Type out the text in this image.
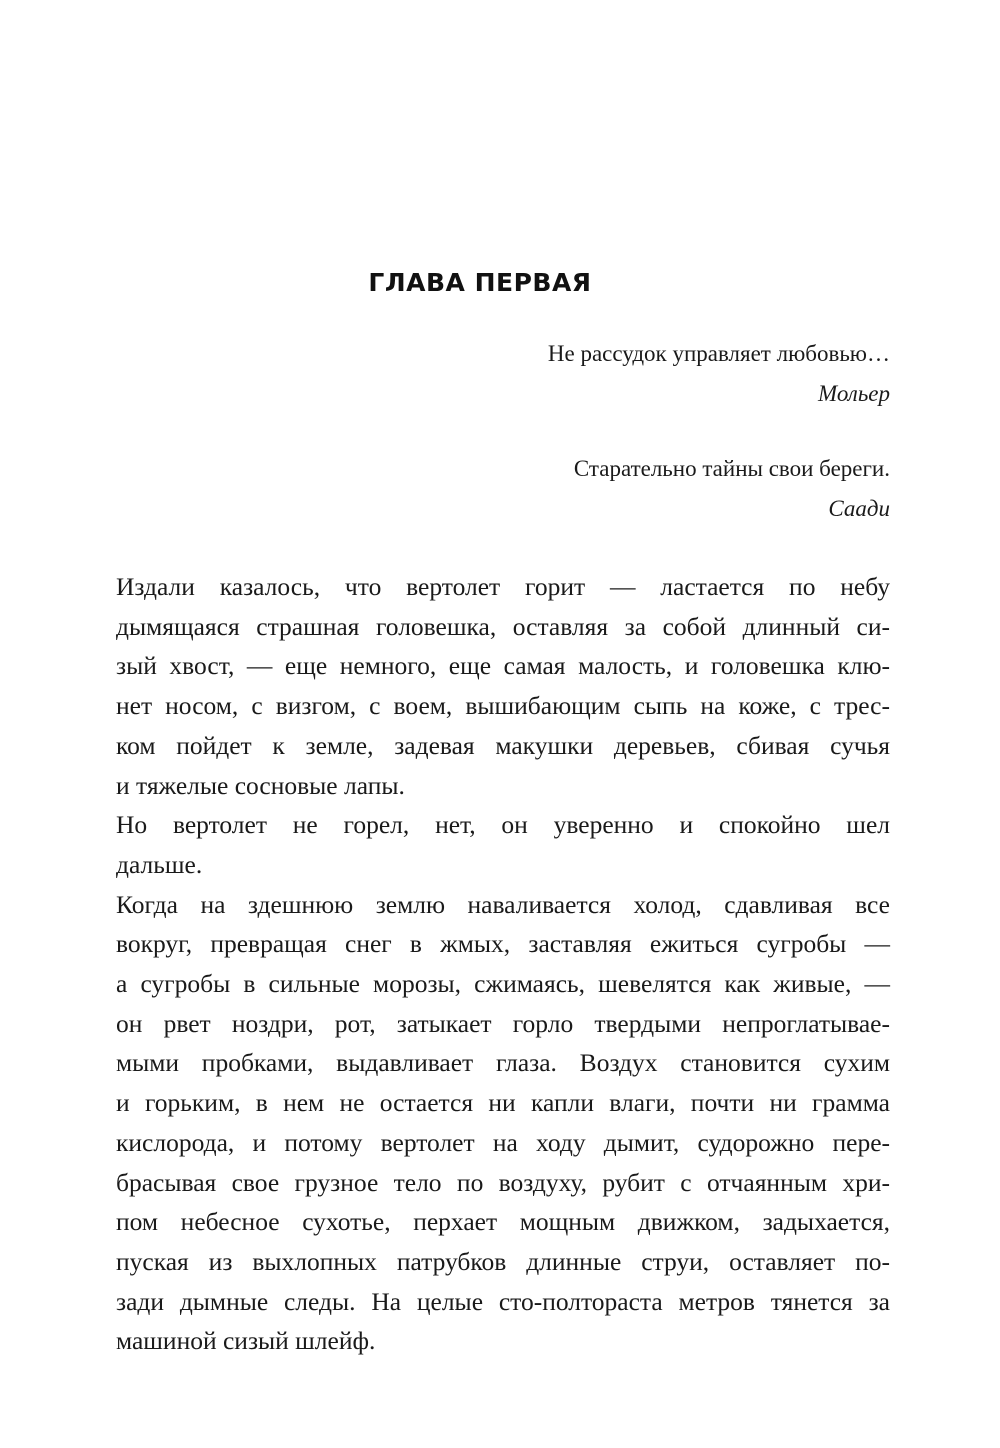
ГЛАВА ПЕРВАЯ
Не рассудок управляет любовью…
Мольер
Старательно тайны свои береги.
Саади

Издали казалось, что вертолет горит — ластается по небу
дымящаяся страшная головешка, оставляя за собой длинный си-
зый хвост, — еще немного, еще самая малость, и головешка клю-
нет носом, с визгом, с воем, вышибающим сыпь на коже, с трес-
ком пойдет к земле, задевая макушки деревьев, сбивая сучья
и тяжелые сосновые лапы.

Но вертолет не горел, нет, он уверенно и спокойно шел
дальше.

Когда на здешнюю землю наваливается холод, сдавливая все
вокруг, превращая снег в жмых, заставляя ежиться сугробы —
а сугробы в сильные морозы, сжимаясь, шевелятся как живые, —
он рвет ноздри, рот, затыкает горло твердыми непроглатывае-
мыми пробками, выдавливает глаза. Воздух становится сухим
и горьким, в нем не остается ни капли влаги, почти ни грамма
кислорода, и потому вертолет на ходу дымит, судорожно пере-
брасывая свое грузное тело по воздуху, рубит с отчаянным хри-
пом небесное сухотье, перхает мощным движком, задыхается,
пуская из выхлопных патрубков длинные струи, оставляет по-
зади дымные следы. На целые сто-полтораста метров тянется за
машиной сизый шлейф.
